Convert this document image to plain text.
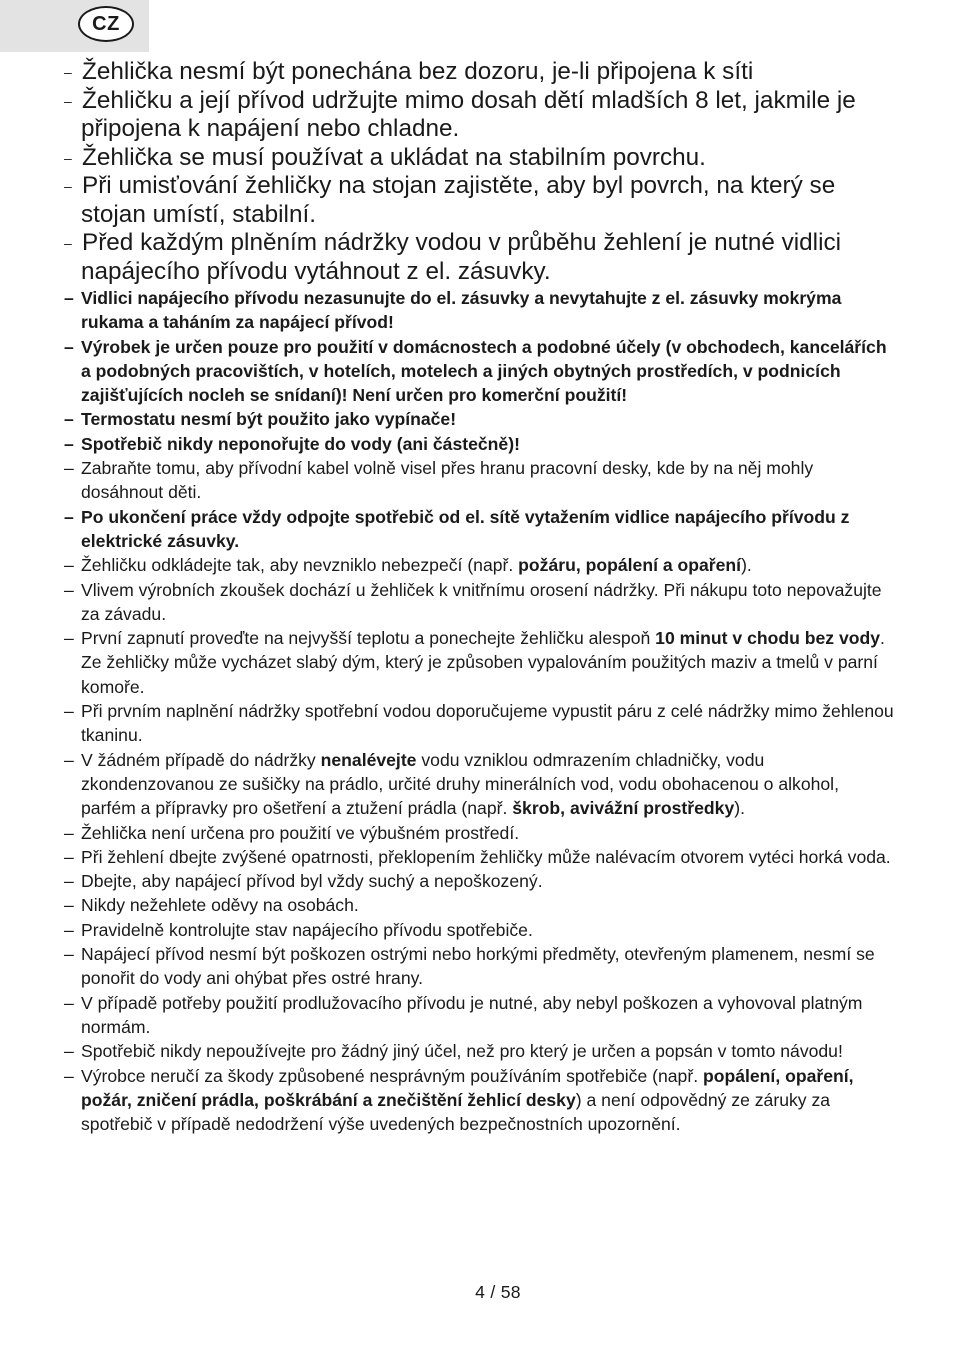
CZ
– Žehlička nesmí být ponechána bez dozoru, je-li připojena k síti
– Žehličku a její přívod udržujte mimo dosah dětí mladších 8 let, jakmile je připojena k napájení nebo chladne.
– Žehlička se musí používat a ukládat na stabilním povrchu.
– Při umisťování žehličky na stojan zajistěte, aby byl povrch, na který se stojan umístí, stabilní.
– Před každým plněním nádržky vodou v průběhu žehlení je nutné vidlici napájecího přívodu vytáhnout z el. zásuvky.
– Vidlici napájecího přívodu nezasunujte do el. zásuvky a nevytahujte z el. zásuvky mokrýma rukama a taháním za napájecí přívod!
– Výrobek je určen pouze pro použití v domácnostech a podobné účely (v obchodech, kancelářích a podobných pracovištích, v hotelích, motelech a jiných obytných prostředích, v podnicích zajišťujících nocleh se snídaní)! Není určen pro komerční použití!
– Termostatu nesmí být použito jako vypínače!
– Spotřebič nikdy neponořujte do vody (ani částečně)!
– Zabraňte tomu, aby přívodní kabel volně visel přes hranu pracovní desky, kde by na něj mohly dosáhnout děti.
– Po ukončení práce vždy odpojte spotřebič od el. sítě vytažením vidlice napájecího přívodu z elektrické zásuvky.
– Žehličku odkládejte tak, aby nevzniklo nebezpečí (např. požáru, popálení a opaření).
– Vlivem výrobních zkoušek dochází u žehliček k vnitřnímu orosení nádržky. Při nákupu toto nepovažujte za závadu.
– První zapnutí proveďte na nejvyšší teplotu a ponechejte žehličku alespoň 10 minut v chodu bez vody. Ze žehličky může vycházet slabý dým, který je způsoben vypalováním použitých maziv a tmelů v parní komoře.
– Při prvním naplnění nádržky spotřební vodou doporučujeme vypustit páru z celé nádržky mimo žehlenou tkaninu.
– V žádném případě do nádržky nenalévejte vodu vzniklou odmrazením chladničky, vodu zkondenzovanou ze sušičky na prádlo, určité druhy minerálních vod, vodu obohacenou o alkohol, parfém a přípravky pro ošetření a ztužení prádla (např. škrob, avivážní prostředky).
– Žehlička není určena pro použití ve výbušném prostředí.
– Při žehlení dbejte zvýšené opatrnosti, překlopením žehličky může nalévacím otvorem vytéci horká voda.
– Dbejte, aby napájecí přívod byl vždy suchý a nepoškozený.
– Nikdy nežehlete oděvy na osobách.
– Pravidelně kontrolujte stav napájecího přívodu spotřebiče.
– Napájecí přívod nesmí být poškozen ostrými nebo horkými předměty, otevřeným plamenem, nesmí se ponořit do vody ani ohýbat přes ostré hrany.
– V případě potřeby použití prodlužovacího přívodu je nutné, aby nebyl poškozen a vyhovoval platným normám.
– Spotřebič nikdy nepoužívejte pro žádný jiný účel, než pro který je určen a popsán v tomto návodu!
– Výrobce neručí za škody způsobené nesprávným používáním spotřebiče (např. popálení, opaření, požár, zničení prádla, poškrábání a znečištění žehlicí desky) a není odpovědný ze záruky za spotřebič v případě nedodržení výše uvedených bezpečnostních upozornění.
4 / 58
